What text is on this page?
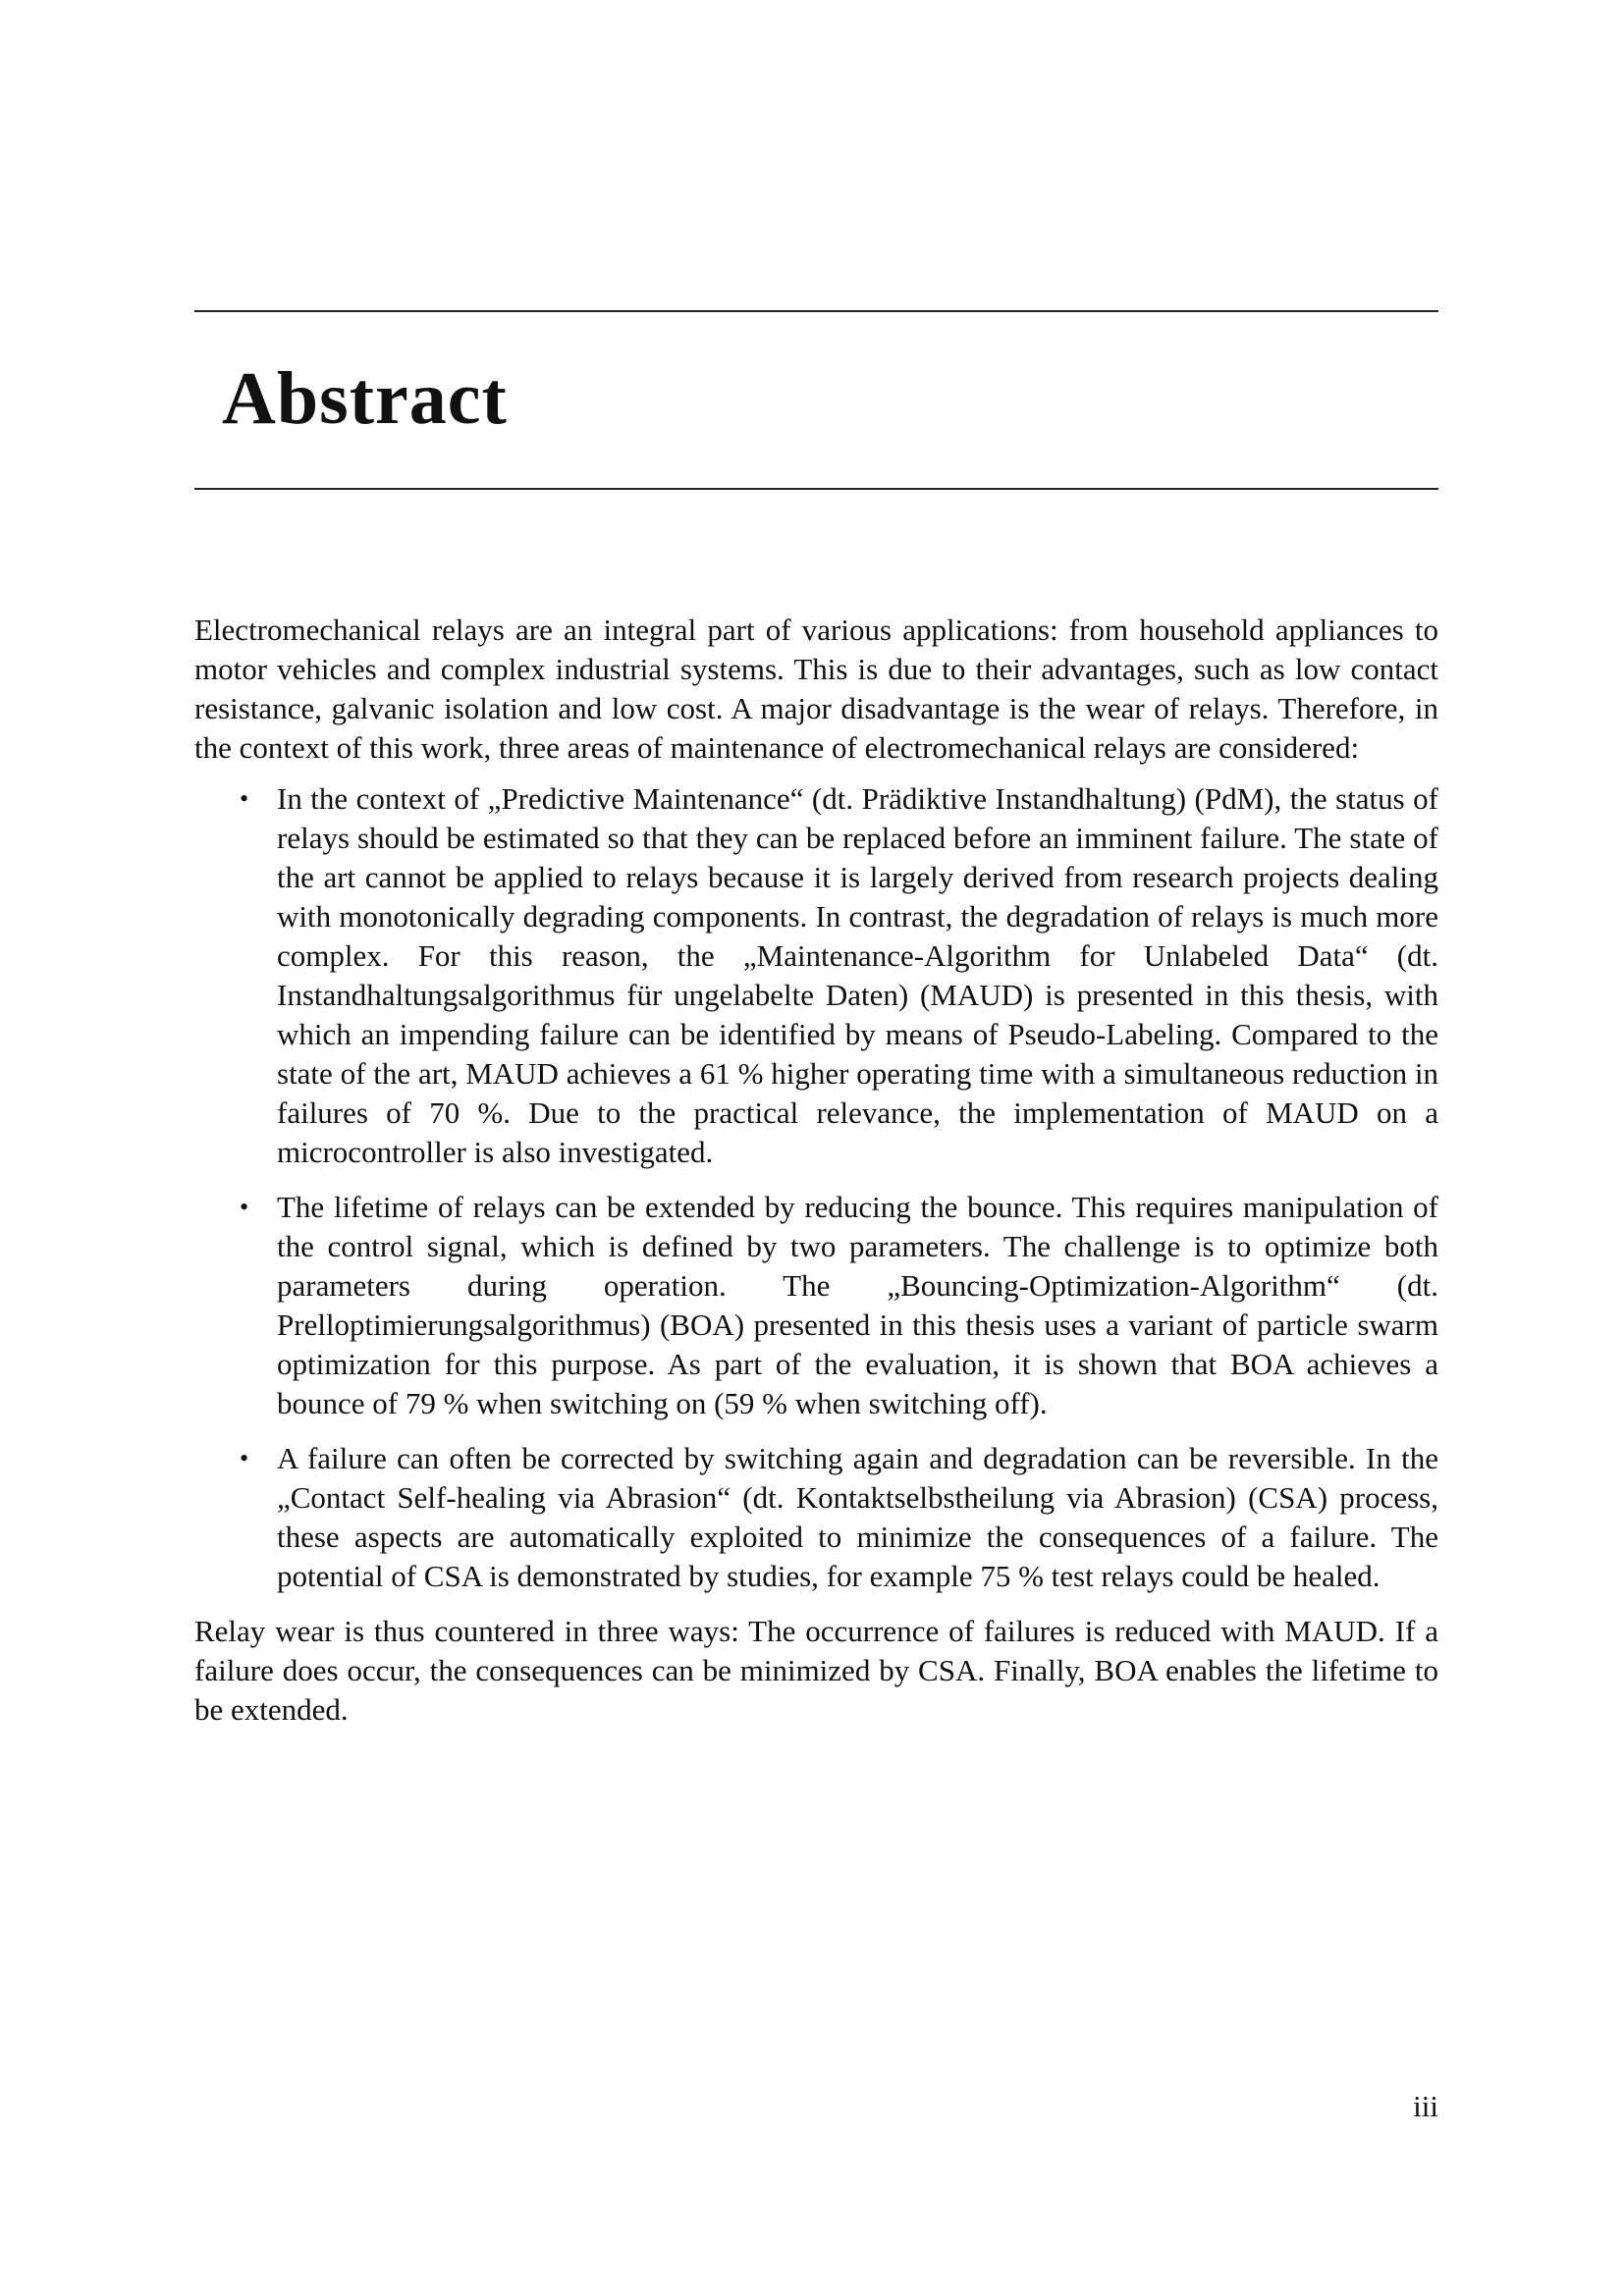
Abstract

Electromechanical relays are an integral part of various applications: from household appliances to motor vehicles and complex industrial systems. This is due to their advantages, such as low contact resistance, galvanic isolation and low cost. A major disadvantage is the wear of relays. Therefore, in the context of this work, three areas of maintenance of electromechanical relays are considered:

• In the context of „Predictive Maintenance“ (dt. Prädiktive Instandhaltung) (PdM), the status of relays should be estimated so that they can be replaced before an imminent failure. The state of the art cannot be applied to relays because it is largely derived from research projects dealing with monotonically degrading components. In contrast, the degradation of relays is much more complex. For this reason, the „Maintenance-Algorithm for Unlabeled Data“ (dt. Instandhaltungsalgorithmus für ungelabelte Daten) (MAUD) is presented in this thesis, with which an impending failure can be identified by means of Pseudo-Labeling. Compared to the state of the art, MAUD achieves a 61 % higher operating time with a simultaneous reduction in failures of 70 %. Due to the practical relevance, the implementation of MAUD on a microcontroller is also investigated.
• The lifetime of relays can be extended by reducing the bounce. This requires manipulation of the control signal, which is defined by two parameters. The challenge is to optimize both parameters during operation. The „Bouncing-Optimization-Algorithm“ (dt. Prelloptimierungsalgorithmus) (BOA) presented in this thesis uses a variant of particle swarm optimization for this purpose. As part of the evaluation, it is shown that BOA achieves a bounce of 79 % when switching on (59 % when switching off).
• A failure can often be corrected by switching again and degradation can be reversible. In the „Contact Self-healing via Abrasion“ (dt. Kontaktselbstheilung via Abrasion) (CSA) process, these aspects are automatically exploited to minimize the consequences of a failure. The potential of CSA is demonstrated by studies, for example 75 % test relays could be healed.

Relay wear is thus countered in three ways: The occurrence of failures is reduced with MAUD. If a failure does occur, the consequences can be minimized by CSA. Finally, BOA enables the lifetime to be extended.

iii
